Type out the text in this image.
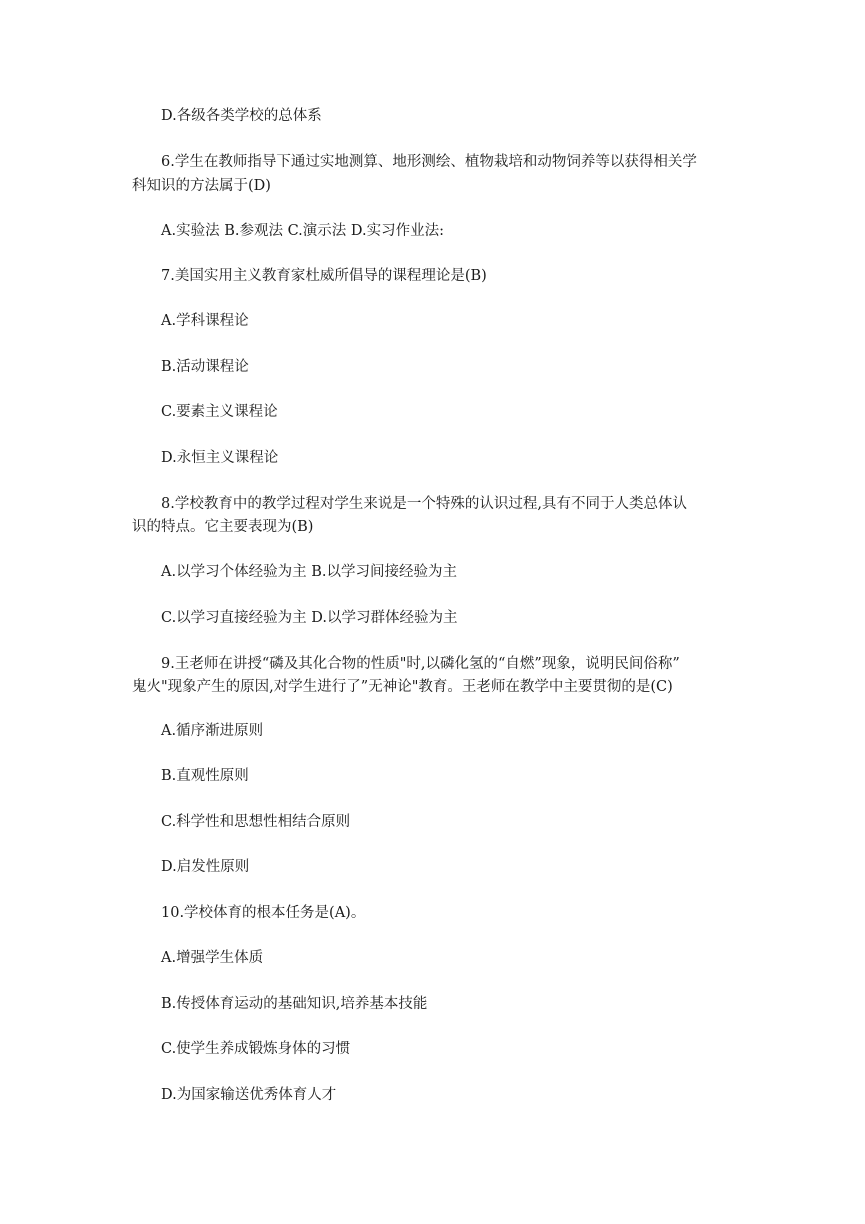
D.各级各类学校的总体系
6.学生在教师指导下通过实地测算、地形测绘、植物栽培和动物饲养等以获得相关学
科知识的方法属于(D)
A.实验法 B.参观法 C.演示法 D.实习作业法:
7.美国实用主义教育家杜威所倡导的课程理论是(B)
A.学科课程论
B.活动课程论
C.要素主义课程论
D.永恒主义课程论
8.学校教育中的教学过程对学生来说是一个特殊的认识过程,具有不同于人类总体认
识的特点。它主要表现为(B)
A.以学习个体经验为主 B.以学习间接经验为主
C.以学习直接经验为主 D.以学习群体经验为主
9.王老师在讲授“磷及其化合物的性质"时,以磷化氢的“自燃”现象，说明民间俗称”
鬼火"现象产生的原因,对学生进行了”无神论"教育。王老师在教学中主要贯彻的是(C)
A.循序渐进原则
B.直观性原则
C.科学性和思想性相结合原则
D.启发性原则
10.学校体育的根本任务是(A)。
A.增强学生体质
B.传授体育运动的基础知识,培养基本技能
C.使学生养成锻炼身体的习惯
D.为国家输送优秀体育人才
